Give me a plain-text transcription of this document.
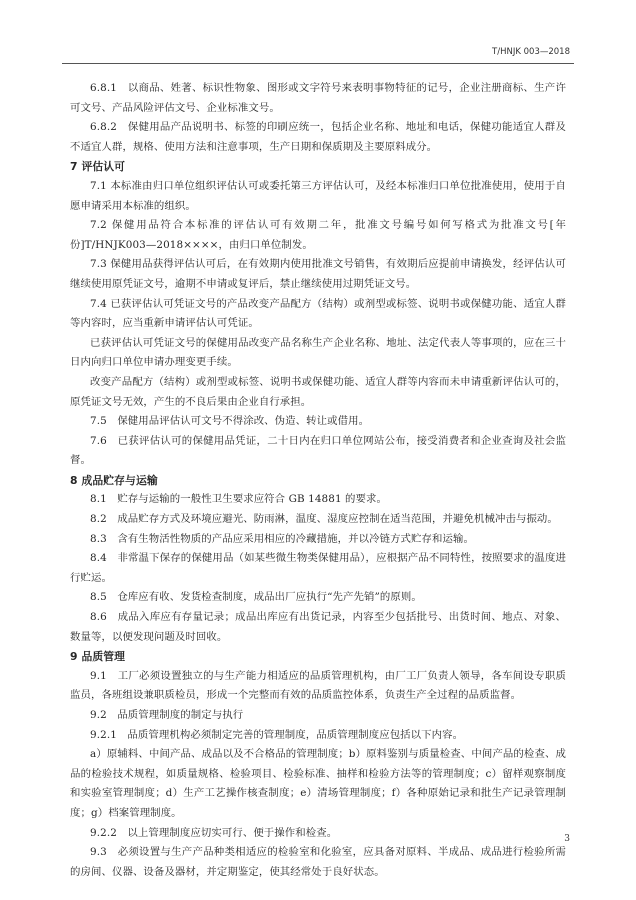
T/HNJK 003—2018

6.8.1　以商品、姓著、标识性物象、图形或文字符号来表明事物特征的记号，企业注册商标、生产许可文号、产品风险评估文号、企业标准文号。

6.8.2　保健用品产品说明书、标签的印刷应统一，包括企业名称、地址和电话，保健功能适宜人群及不适宜人群，规格、使用方法和注意事项，生产日期和保质期及主要原料成分。

7 评估认可

7.1 本标准由归口单位组织评估认可或委托第三方评估认可，及经本标准归口单位批准使用，使用于自愿申请采用本标准的组织。

7.2 保健用品符合本标准的评估认可有效期二年，批准文号编号如何写格式为批准文号[年份]T/HNJK003—2018××××，由归口单位制发。

7.3 保健用品获得评估认可后，在有效期内使用批准文号销售，有效期后应提前申请换发，经评估认可继续使用原凭证文号，逾期不申请或复评后，禁止继续使用过期凭证文号。

7.4 已获评估认可凭证文号的产品改变产品配方（结构）或剂型或标签、说明书或保健功能、适宜人群等内容时，应当重新申请评估认可凭证。

已获评估认可凭证文号的保健用品改变产品名称生产企业名称、地址、法定代表人等事项的，应在三十日内向归口单位申请办理变更手续。

改变产品配方（结构）或剂型或标签、说明书或保健功能、适宜人群等内容而未申请重新评估认可的，原凭证文号无效，产生的不良后果由企业自行承担。

7.5　保健用品评估认可文号不得涂改、伪造、转让或借用。

7.6　已获评估认可的保健用品凭证，二十日内在归口单位网站公布，接受消费者和企业查询及社会监督。

8 成品贮存与运输

8.1　贮存与运输的一般性卫生要求应符合 GB 14881 的要求。

8.2　成品贮存方式及环境应避光、防雨淋，温度、湿度应控制在适当范围，并避免机械冲击与振动。

8.3　含有生物活性物质的产品应采用相应的冷藏措施，并以冷链方式贮存和运输。

8.4　非常温下保存的保健用品（如某些微生物类保健用品），应根据产品不同特性，按照要求的温度进行贮运。

8.5　仓库应有收、发货检查制度，成品出厂应执行“先产先销”的原则。

8.6　成品入库应有存量记录；成品出库应有出货记录，内容至少包括批号、出货时间、地点、对象、数量等，以便发现问题及时回收。

9 品质管理

9.1　工厂必须设置独立的与生产能力相适应的品质管理机构，由厂工厂负责人领导，各车间设专职质监员，各班组设兼职质检员，形成一个完整而有效的品质监控体系，负责生产全过程的品质监督。

9.2　品质管理制度的制定与执行

9.2.1　品质管理机构必须制定完善的管理制度，品质管理制度应包括以下内容。

a）原辅料、中间产品、成品以及不合格品的管理制度；b）原料鉴别与质量检查、中间产品的检查、成品的检验技术规程，如质量规格、检验项目、检验标准、抽样和检验方法等的管理制度；c）留样观察制度和实验室管理制度；d）生产工艺操作核查制度；e）清场管理制度；f）各种原始记录和批生产记录管理制度；g）档案管理制度。

9.2.2　以上管理制度应切实可行、便于操作和检查。

9.3　必须设置与生产产品种类相适应的检验室和化验室，应具备对原料、半成品、成品进行检验所需的房间、仪器、设备及器材，并定期鉴定，使其经常处于良好状态。

3
